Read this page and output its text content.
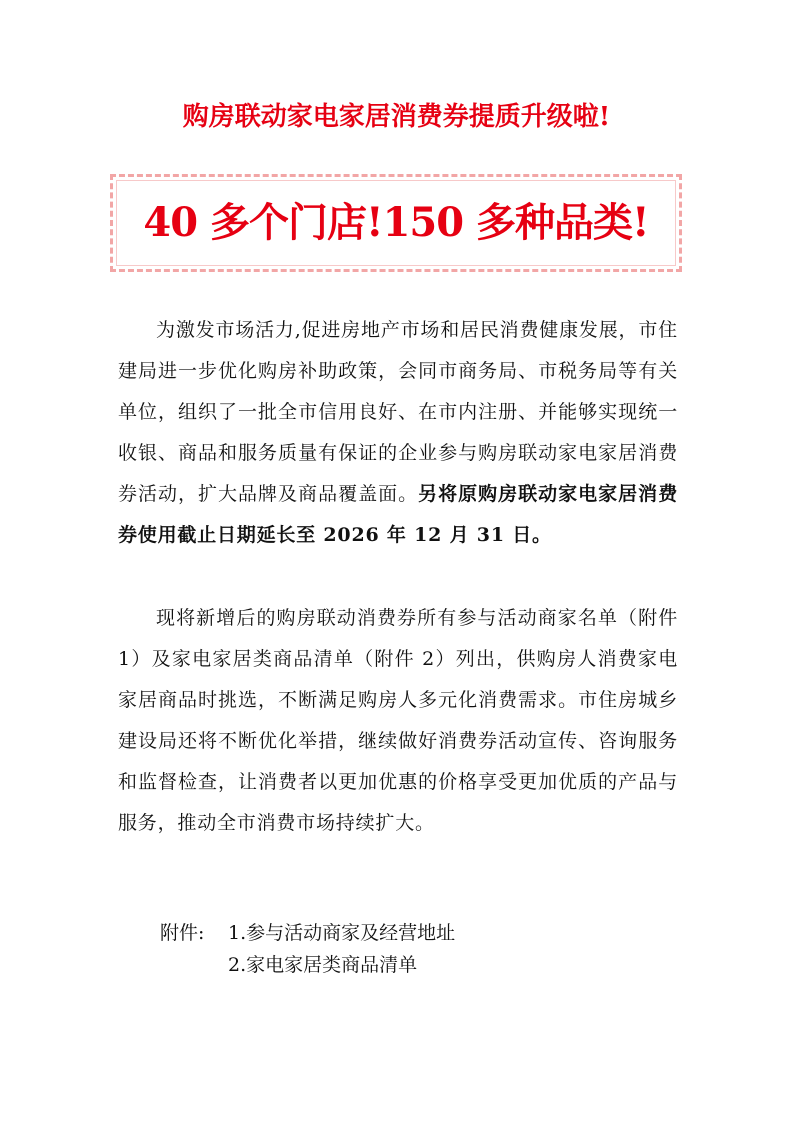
购房联动家电家居消费券提质升级啦!
40 多个门店!150 多种品类!

为激发市场活力,促进房地产市场和居民消费健康发展，市住建局进一步优化购房补助政策，会同市商务局、市税务局等有关单位，组织了一批全市信用良好、在市内注册、并能够实现统一收银、商品和服务质量有保证的企业参与购房联动家电家居消费券活动，扩大品牌及商品覆盖面。另将原购房联动家电家居消费券使用截止日期延长至 2026 年 12 月 31 日。

现将新增后的购房联动消费券所有参与活动商家名单（附件 1）及家电家居类商品清单（附件 2）列出，供购房人消费家电家居商品时挑选，不断满足购房人多元化消费需求。市住房城乡建设局还将不断优化举措，继续做好消费券活动宣传、咨询服务和监督检查，让消费者以更加优惠的价格享受更加优质的产品与服务，推动全市消费市场持续扩大。

附件:	1.参与活动商家及经营地址
2.家电家居类商品清单
